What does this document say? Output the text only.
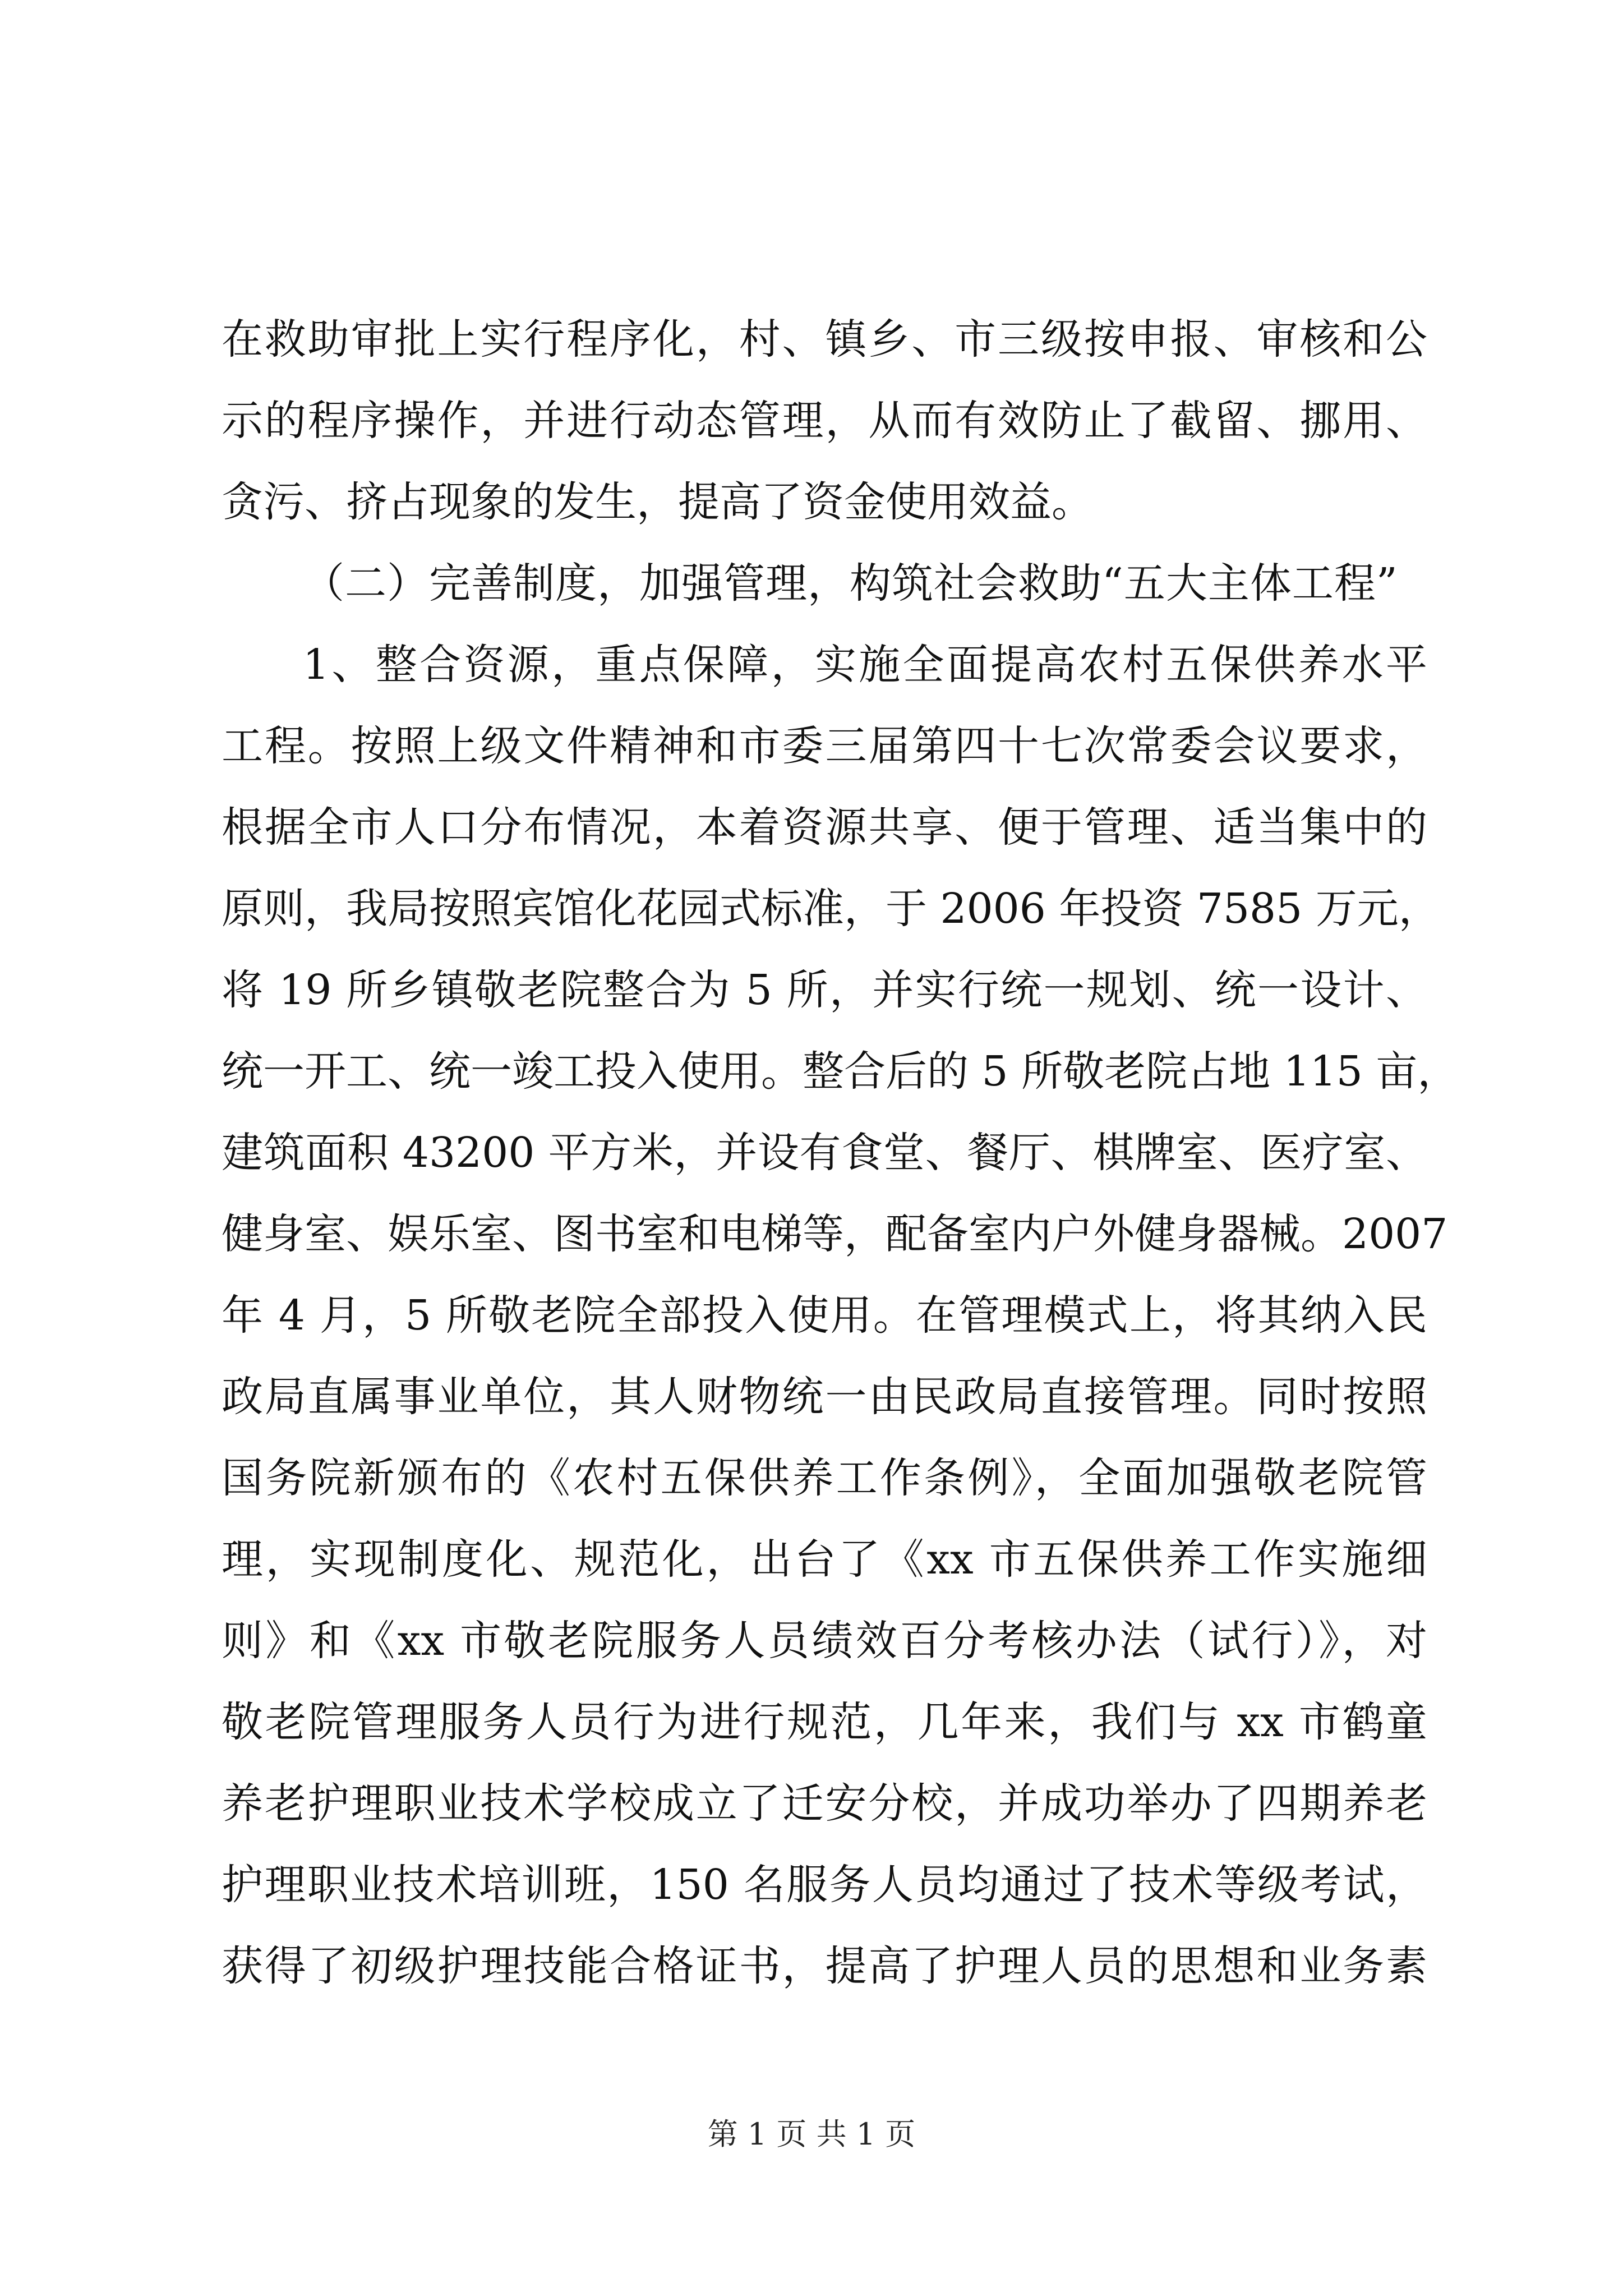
在救助审批上实行程序化，村、镇乡、市三级按申报、审核和公
示的程序操作，并进行动态管理，从而有效防止了截留、挪用、
贪污、挤占现象的发生，提高了资金使用效益。
（二）完善制度，加强管理，构筑社会救助“五大主体工程”
1、整合资源，重点保障，实施全面提高农村五保供养水平
工程。按照上级文件精神和市委三届第四十七次常委会议要求，
根据全市人口分布情况，本着资源共享、便于管理、适当集中的
原则，我局按照宾馆化花园式标准，于 2006 年投资 7585 万元，
将 19 所乡镇敬老院整合为 5 所，并实行统一规划、统一设计、
统一开工、统一竣工投入使用。整合后的 5 所敬老院占地 115 亩，
建筑面积 43200 平方米，并设有食堂、餐厅、棋牌室、医疗室、
健身室、娱乐室、图书室和电梯等，配备室内户外健身器械。2007
年 4 月，5 所敬老院全部投入使用。在管理模式上，将其纳入民
政局直属事业单位，其人财物统一由民政局直接管理。同时按照
国务院新颁布的《农村五保供养工作条例》，全面加强敬老院管
理，实现制度化、规范化，出台了《xx 市五保供养工作实施细
则》和《xx 市敬老院服务人员绩效百分考核办法（试行）》，对
敬老院管理服务人员行为进行规范，几年来，我们与 xx 市鹤童
养老护理职业技术学校成立了迁安分校，并成功举办了四期养老
护理职业技术培训班，150 名服务人员均通过了技术等级考试，
获得了初级护理技能合格证书，提高了护理人员的思想和业务素
第 1 页 共 1 页
